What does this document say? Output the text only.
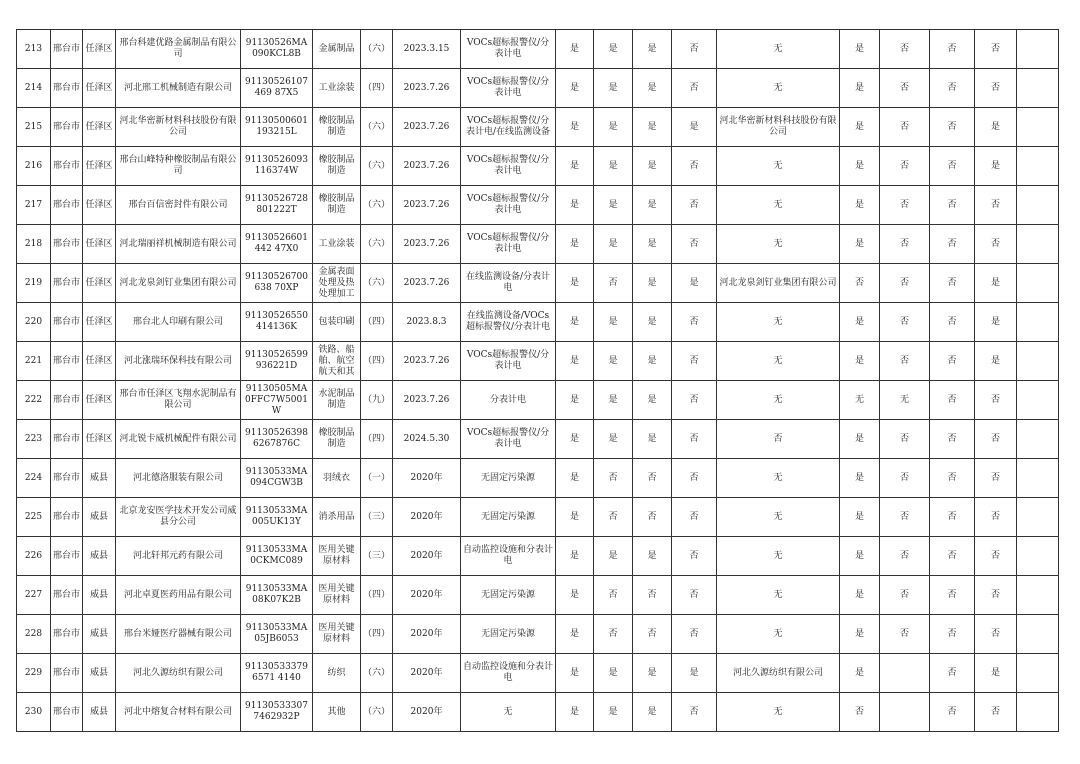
213	邢台市	任泽区	邢台科建优路金属制品有限公司	91130526MA090KCL8B	金属制品	（六）	2023.3.15	VOCs超标报警仪/分表计电	是	是	是	否	无	是	否	否	否	
214	邢台市	任泽区	河北邢工机械制造有限公司	91130526107469 87X5	工业涂装	（四）	2023.7.26	VOCs超标报警仪/分表计电	是	是	是	否	无	是	否	否	否	
215	邢台市	任泽区	河北华密新材料科技股份有限公司	91130500601193215L	橡胶制品制造	（六）	2023.7.26	VOCs超标报警仪/分表计电/在线监测设备	是	是	是	是	河北华密新材料科技股份有限公司	是	否	否	是	
216	邢台市	任泽区	邢台山峰特种橡胶制品有限公司	91130526093116374W	橡胶制品制造	（六）	2023.7.26	VOCs超标报警仪/分表计电	是	是	是	否	无	是	否	否	是	
217	邢台市	任泽区	邢台百信密封件有限公司	91130526728801222T	橡胶制品制造	（六）	2023.7.26	VOCs超标报警仪/分表计电	是	是	是	否	无	是	否	否	否	
218	邢台市	任泽区	河北瑞丽祥机械制造有限公司	91130526601442 47X0	工业涂装	（六）	2023.7.26	VOCs超标报警仪/分表计电	是	是	是	否	无	是	否	否	否	
219	邢台市	任泽区	河北龙泉剑钉业集团有限公司	91130526700638 70XP	金属表面处理及热处理加工	（六）	2023.7.26	在线监测设备/分表计电	是	否	是	是	河北龙泉剑钉业集团有限公司	否	否	否	是	
220	邢台市	任泽区	邢台北人印刷有限公司	91130526550414136K	包装印刷	（四）	2023.8.3	在线监测设备/VOCs超标报警仪/分表计电	是	是	是	否	无	是	否	否	是	
221	邢台市	任泽区	河北涨瑞环保科技有限公司	91130526599936221D	铁路、船舶、航空航天和其	（四）	2023.7.26	VOCs超标报警仪/分表计电	是	是	是	否	无	是	否	否	是	
222	邢台市	任泽区	邢台市任泽区飞翔水泥制品有限公司	91130505MA0FFC7W5001W	水泥制品制造	（九）	2023.7.26	分表计电	是	是	是	否	无	无	无	否	否	
223	邢台市	任泽区	河北锐卡威机械配件有限公司	911305263986267876C	橡胶制品制造	（四）	2024.5.30	VOCs超标报警仪/分表计电	是	是	是	否	否	是	否	否	否	
224	邢台市	威县	河北德洛服装有限公司	91130533MA094CGW3B	羽绒衣	（一）	2020年	无固定污染源	是	否	否	否	无	是	否	否	否	
225	邢台市	威县	北京龙安医学技术开发公司威县分公司	91130533MA005UK13Y	消杀用品	（三）	2020年	无固定污染源	是	否	否	否	无	是	否	否	否	
226	邢台市	威县	河北轩邦元药有限公司	91130533MA0CKMC089	医用关键原材料	（三）	2020年	自动监控设施和分表计电	是	是	是	否	无	是	否	否	否	
227	邢台市	威县	河北卓夏医药用品有限公司	91130533MA08K07K2B	医用关键原材料	（四）	2020年	无固定污染源	是	否	否	否	无	是	否	否	否	
228	邢台市	威县	邢台米娅医疗器械有限公司	91130533MA05JB6053	医用关键原材料	（四）	2020年	无固定污染源	是	否	否	否	无	是	否	否	否	
229	邢台市	威县	河北久源纺织有限公司	911305333796571 4140	纺织	（六）	2020年	自动监控设施和分表计电	是	是	是	是	河北久源纺织有限公司	是		否	是	
230	邢台市	威县	河北中熔复合材料有限公司	911305333077462932P	其他	（六）	2020年	无	是	是	是	否	无	否		否	否	
